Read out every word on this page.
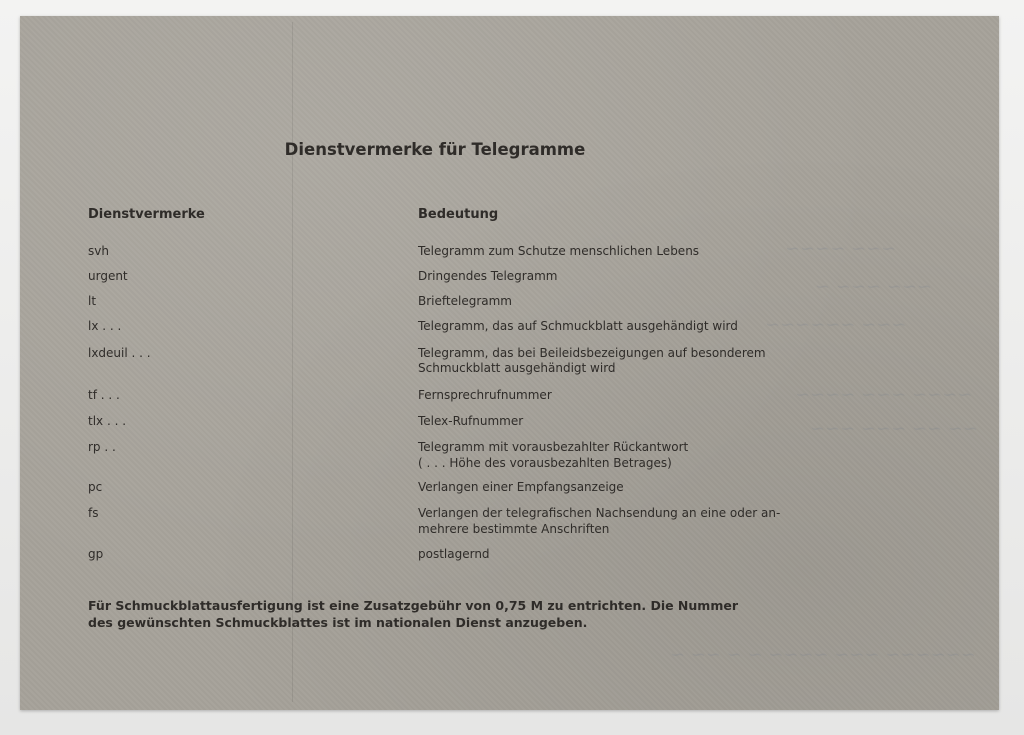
~~~ ~~~~
~~~ ~~~ ~
~~~ ~~~~~~
~~~~ ~~~ ~~~~
~~ ~~ ~~~ ~~~
~~~~~~ ~~~ ~~~~ ~ ~ ~~ ~
Dienstvermerke für Telegramme
Dienstvermerke	Bedeutung
svh	Telegramm zum Schutze menschlichen Lebens
urgent	Dringendes Telegramm
lt	Brieftelegramm
lx . . .	Telegramm, das auf Schmuckblatt ausgehändigt wird
lxdeuil . . .	Telegramm, das bei Beileidsbezeigungen auf besonderem
Schmuckblatt ausgehändigt wird
tf . . .	Fernsprechrufnummer
tlx . . .	Telex-Rufnummer
rp . .	Telegramm mit vorausbezahlter Rückantwort
( . . . Höhe des vorausbezahlten Betrages)
pc	Verlangen einer Empfangsanzeige
fs	Verlangen der telegrafischen Nachsendung an eine oder an-
mehrere bestimmte Anschriften
gp	postlagernd
Für Schmuckblattausfertigung ist eine Zusatzgebühr von 0,75 M zu entrichten. Die Nummer
des gewünschten Schmuckblattes ist im nationalen Dienst anzugeben.
